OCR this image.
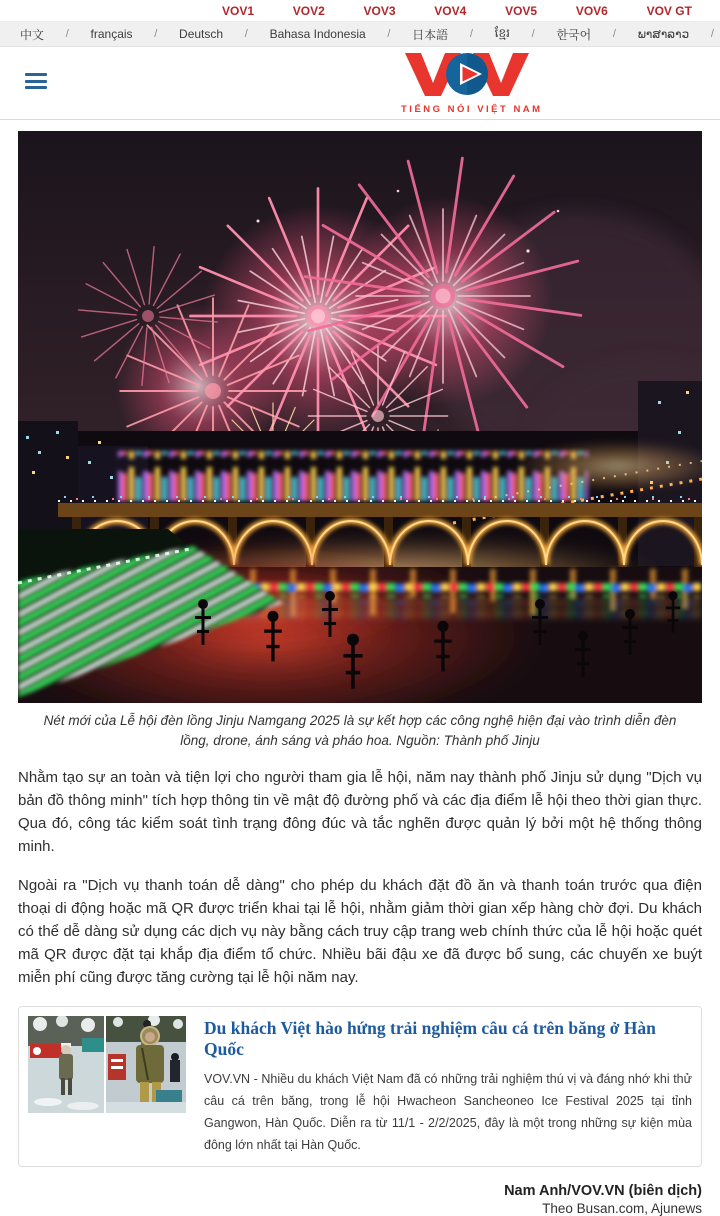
VOV1	VOV2	VOV3	VOV4	VOV5	VOV6	VOV GT
中文 / français / Deutsch / Bahasa Indonesia / 日本語 / ខ្មែរ / 한국어 / ພາສາລາວ /
TIẾNG NÓI VIỆT NAM

Nét mới của Lễ hội đèn lồng Jinju Namgang 2025 là sự kết hợp các công nghệ hiện đại vào trình diễn đèn lồng, drone, ánh sáng và pháo hoa. Nguồn: Thành phố Jinju

Nhằm tạo sự an toàn và tiện lợi cho người tham gia lễ hội, năm nay thành phố Jinju sử dụng "Dịch vụ bản đồ thông minh" tích hợp thông tin về mật độ đường phố và các địa điểm lễ hội theo thời gian thực. Qua đó, công tác kiểm soát tình trạng đông đúc và tắc nghẽn được quản lý bởi một hệ thống thông minh.

Ngoài ra "Dịch vụ thanh toán dễ dàng" cho phép du khách đặt đồ ăn và thanh toán trước qua điện thoại di động hoặc mã QR được triển khai tại lễ hội, nhằm giảm thời gian xếp hàng chờ đợi. Du khách có thể dễ dàng sử dụng các dịch vụ này bằng cách truy cập trang web chính thức của lễ hội hoặc quét mã QR được đặt tại khắp địa điểm tổ chức. Nhiều bãi đậu xe đã được bổ sung, các chuyến xe buýt miễn phí cũng được tăng cường tại lễ hội năm nay.

Du khách Việt hào hứng trải nghiệm câu cá trên băng ở Hàn Quốc
VOV.VN - Nhiều du khách Việt Nam đã có những trải nghiệm thú vị và đáng nhớ khi thử câu cá trên băng, trong lễ hội Hwacheon Sancheoneo Ice Festival 2025 tại tỉnh Gangwon, Hàn Quốc. Diễn ra từ 11/1 - 2/2/2025, đây là một trong những sự kiện mùa đông lớn nhất tại Hàn Quốc.
Nam Anh/VOV.VN (biên dịch)
Theo Busan.com, Ajunews
